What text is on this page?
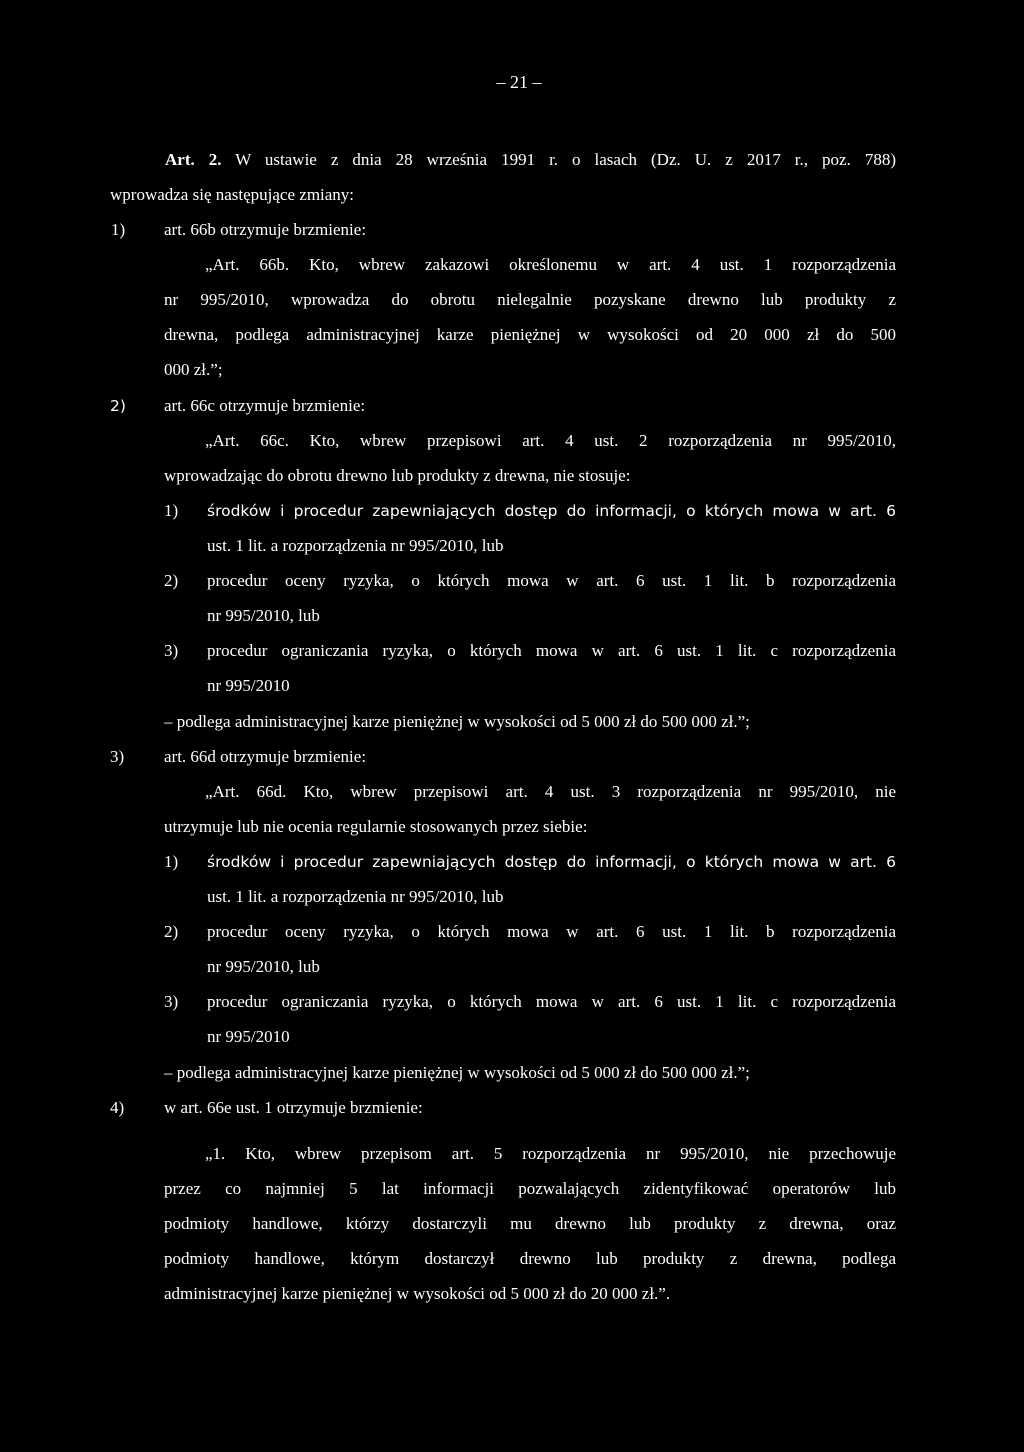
– 21 –
Art. 2. W ustawie z dnia 28 września 1991 r. o lasach (Dz. U. z 2017 r., poz. 788)
wprowadza się następujące zmiany:
1) art. 66b otrzymuje brzmienie:
„Art. 66b. Kto, wbrew zakazowi określonemu w art. 4 ust. 1 rozporządzenia
nr 995/2010, wprowadza do obrotu nielegalnie pozyskane drewno lub produkty z
drewna, podlega administracyjnej karze pieniężnej w wysokości od 20 000 zł do 500
000 zł.”;
2) art. 66c otrzymuje brzmienie:
„Art. 66c. Kto, wbrew przepisowi art. 4 ust. 2 rozporządzenia nr 995/2010,
wprowadzając do obrotu drewno lub produkty z drewna, nie stosuje:
1) środków i procedur zapewniających dostęp do informacji, o których mowa w art. 6
ust. 1 lit. a rozporządzenia nr 995/2010, lub
2) procedur oceny ryzyka, o których mowa w art. 6 ust. 1 lit. b rozporządzenia
nr 995/2010, lub
3) procedur ograniczania ryzyka, o których mowa w art. 6 ust. 1 lit. c rozporządzenia
nr 995/2010
– podlega administracyjnej karze pieniężnej w wysokości od 5 000 zł do 500 000 zł.”;
3) art. 66d otrzymuje brzmienie:
„Art. 66d. Kto, wbrew przepisowi art. 4 ust. 3 rozporządzenia nr 995/2010, nie
utrzymuje lub nie ocenia regularnie stosowanych przez siebie:
1) środków i procedur zapewniających dostęp do informacji, o których mowa w art. 6
ust. 1 lit. a rozporządzenia nr 995/2010, lub
2) procedur oceny ryzyka, o których mowa w art. 6 ust. 1 lit. b rozporządzenia
nr 995/2010, lub
3) procedur ograniczania ryzyka, o których mowa w art. 6 ust. 1 lit. c rozporządzenia
nr 995/2010
– podlega administracyjnej karze pieniężnej w wysokości od 5 000 zł do 500 000 zł.”;
4) w art. 66e ust. 1 otrzymuje brzmienie:
„1. Kto, wbrew przepisom art. 5 rozporządzenia nr 995/2010, nie przechowuje
przez co najmniej 5 lat informacji pozwalających zidentyfikować operatorów lub
podmioty handlowe, którzy dostarczyli mu drewno lub produkty z drewna, oraz
podmioty handlowe, którym dostarczył drewno lub produkty z drewna, podlega
administracyjnej karze pieniężnej w wysokości od 5 000 zł do 20 000 zł.”.
